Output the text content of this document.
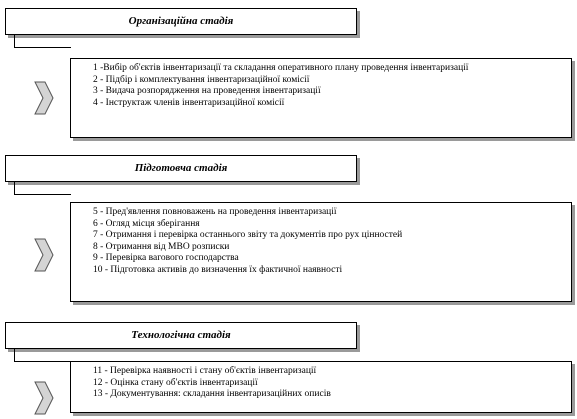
Організаційна стадія
1 -Вибір об'єктів інвентаризації та складання оперативного плану проведення інвентаризації
2 - Підбір і комплектування інвентаризаційної комісії
3 - Видача розпорядження на проведення інвентаризації
4 - Інструктаж членів інвентаризаційної комісії
Підготовча стадія
5 - Пред'явлення повноважень на проведення інвентаризації
6 - Огляд місця зберігання
7 - Отримання і перевірка останнього звіту та документів про рух цінностей
8 - Отримання від МВО розписки
9 - Перевірка вагового господарства
10 - Підготовка активів до визначення їх фактичної наявності
Технологічна стадія
11 - Перевірка наявності і стану об'єктів інвентаризації
12 - Оцінка стану об'єктів інвентаризації
13 - Документування: складання інвентаризаційних описів
